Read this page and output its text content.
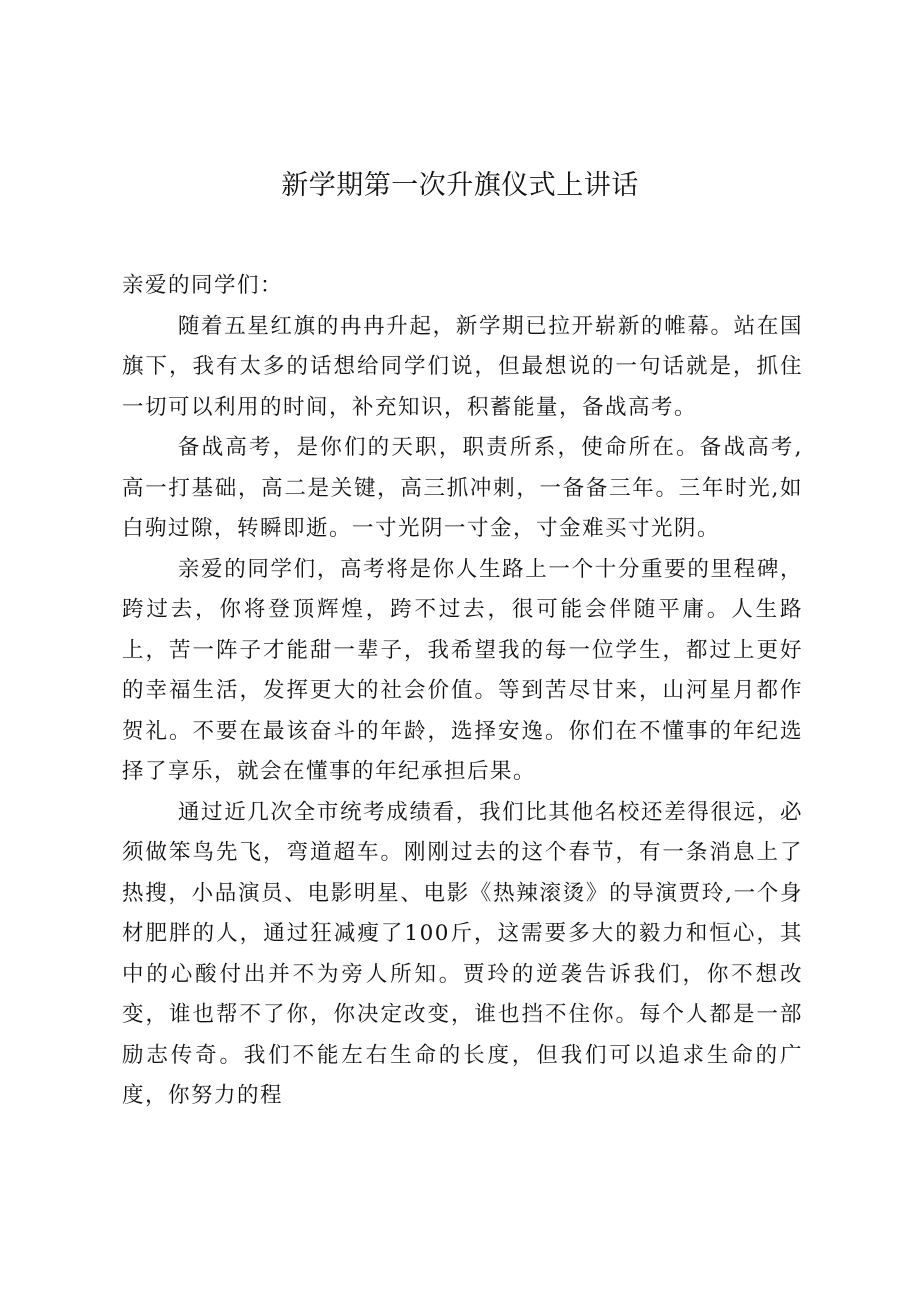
新学期第一次升旗仪式上讲话

亲爱的同学们：

随着五星红旗的冉冉升起，新学期已拉开崭新的帷幕。站在国旗下，我有太多的话想给同学们说，但最想说的一句话就是，抓住一切可以利用的时间，补充知识，积蓄能量，备战高考。

备战高考，是你们的天职，职责所系，使命所在。备战高考,高一打基础，高二是关键，高三抓冲刺，一备备三年。三年时光,如白驹过隙，转瞬即逝。一寸光阴一寸金，寸金难买寸光阴。

亲爱的同学们，高考将是你人生路上一个十分重要的里程碑，跨过去，你将登顶辉煌，跨不过去，很可能会伴随平庸。人生路上，苦一阵子才能甜一辈子，我希望我的每一位学生，都过上更好的幸福生活，发挥更大的社会价值。等到苦尽甘来，山河星月都作贺礼。不要在最该奋斗的年龄，选择安逸。你们在不懂事的年纪选择了享乐，就会在懂事的年纪承担后果。

通过近几次全市统考成绩看，我们比其他名校还差得很远，必须做笨鸟先飞，弯道超车。刚刚过去的这个春节，有一条消息上了热搜，小品演员、电影明星、电影《热辣滚烫》的导演贾玲,一个身材肥胖的人，通过狂减瘦了100斤，这需要多大的毅力和恒心，其中的心酸付出并不为旁人所知。贾玲的逆袭告诉我们，你不想改变，谁也帮不了你，你决定改变，谁也挡不住你。每个人都是一部励志传奇。我们不能左右生命的长度，但我们可以追求生命的广度，你努力的程
